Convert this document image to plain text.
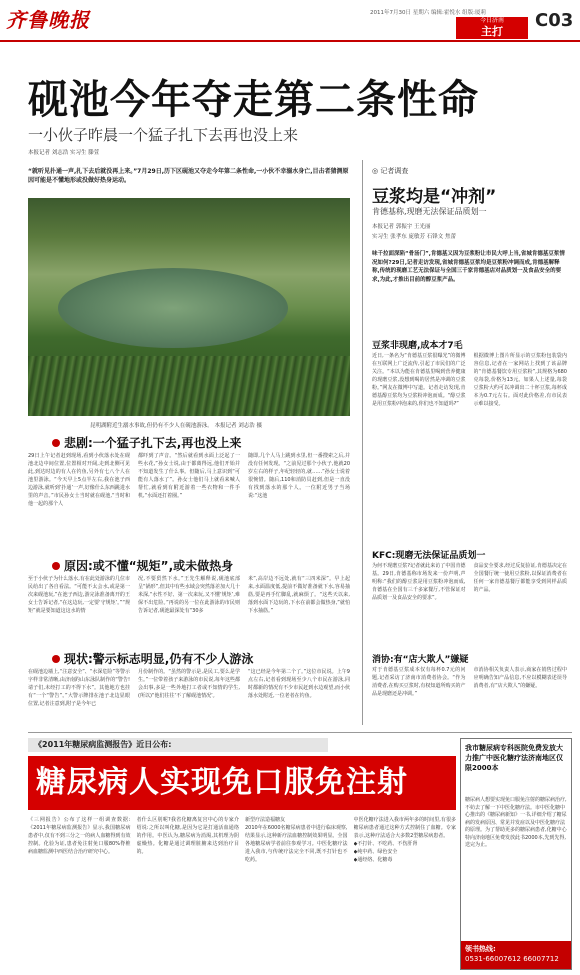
齐鲁晚报	2011年7月30日 星期六 编辑:霍悦水 组版:厦莉
今日济南
主打
C03
砚池今年夺走第二条性命
一小伙子昨晨一个猛子扎下去再也没上来
本报记者 刘志浩 实习生 滕萱
“就听见扑通一声,扎下去后就没再上来。”7月29日,历下区砚池又夺走今年第二条性命,一小伙不幸溺水身亡,目击者猜测原因可能是不懂地形或没做好热身运动。
昆明湖附近生溺水事故,但仍有不少人在砚池游泳。 本报记者 刘志浩 摄
悲剧:一个猛子扎下去,再也没上来
29日上午记者赶到现场,看到小伙落水处在砚池北边中间位置,位置相对开阔,走到北侧可见此,到达时边的有人在钓鱼,另外有七八个人在池里游泳。“今天早上5点半左右,我在池子西边游泳,就听到‘扑通’一声,好像什么东西跳进水里的声音。”市民孙女士当时就在砚池,“当时和他一起的那个人
都吓到了声音。“然后就看到水面上泛起了一些水花,”孙女士说,由于都离得远,他们开始并不知道发生了什么事。但随后,马上意识到“可能有人落水了”。孙女士他们马上就看来喊人帮忙,就看到有附近游着一些衣物和一件手机,“水面还打着圈。”
随即,几个人马上跳到水里,但一番搜索之后,并没有任何发现。“之前见过那个小伙子,他就20岁左右的样子,年纪轻轻的,就……”孙女士说着很惋惜。随后,110和消防员赶到,但是一直没有找到落水的那个人。一位附近男子当场说:“这池
原因:或不懂“规矩”,或未做热身
至于小伙子为什么落水,有在此处游泳的几位市民给出了各自看法。“可能不太会水,或是第一次来砚池玩,”在池子西边,游完泳准备离开的王女士告诉记者,“在这边玩,一定要‘守规矩’。”“规矩”就是要知道这这水的情
况,不要贸然下水。”王先生解释说,砚池底部呈“锅形”,但其中有些水域会突然落差加大几十米深,“水性不好、第一次来玩,又不懂‘规矩’,难保不出危险。”再说的另一位在此游泳的市民则告诉记者,砚池最深处有“30多
米”,高岸边不远处,就有“三四米深”。早上起来,水面温度低,提前不做好准备就下水,容易抽筋,要是再手忙脚乱,就麻烦了。“这些天以来,落到水面下边玩的,下水在前都会做热身,”就怕下水抽筋。”
现状:警示标志明显,仍有不少人游泳
在砚池边墙上,“注意安全”、“水深危险”等警示字样非常清晰,由济南趵山东泳队制作的“警告!请子们,未经打工的不得下水”。其他地方也挂有“一个“警告”。”大警示牌排在池子北边显眼位置,记者注意到,附子是今年已
月份制作的。“虽然的警示是,是民工,要么是学生。”一位带着孩子来游泳的市民说,每年这些都会出事,多是一些外地打工者或不知情的学生,(所以)“他们往往‘不了解砚池情况’。
“这已经是今年第二个了。”这位市民说。上午9点左右,记者看到现场至少八个市民在游泳,同时都新的情况有不少市民赶到水边观望,而小伙落水处附近,一位老者在钓鱼。
◎ 记者调查
豆浆均是“冲剂”
肯德基称,现磨无法保证品质划一
本报记者 郭振宇 王光丽
实习生 张孝东 庞敏芳 石锋文 焦蕾
味千拉面深陷“骨汤门”,肯德基又因为豆浆粉让市民大呼上当,省城肯德基豆浆情况如何?29日,记者走访发现,省城肯德基豆浆均是豆浆粉冲调而成,肯德基解释称,传统的现磨工艺无法保证与全国三千家肯德基店对品质划一及食品安全的要求,为此,才推出目前的醇豆浆产品。
豆浆非现磨,成本才7毛
近日,一条名为“肯德基豆浆很曝光”的微博在互联网上广泛流传,引起了市民们的广泛关注。“本以为能在肯德基里喝到营养健康的现磨豆浆,没想到喝的居然是冲调的豆浆粉。”网友在微博中写道。记者走访发现,肯德基醇豆浆均为豆浆粉冲泡而成。“醇豆浆是用豆浆粉冲泡来的,你们也不知道吗?”
根据微博上图片所显示的豆浆粉包装袋内容信息,记者在一家网站上找到了该品牌的“肯德基餐饮专用豆浆粉”,其规格为680克每袋,价格为13元。如果人上述量,每袋豆浆粉大约可以冲调出二十杯豆浆,每杯成本为0.7元左右。面对此价格差,有市民表示难以接受。
KFC:现磨无法保证品质划一
为何不现磨豆浆?记者就此来访了中国肯德基。29日,肯德基称市场发来一份声明,声明称:“我们的醇豆浆是用豆浆粉冲泡而成,肯德基在全国有三千多家餐厅,不管保证对品质划一及食品安全的要求”。
食品安全要求,经过反复验证,肯德基决定在全国餐厅统一使用豆浆粉,以保证消费者在任何一家肯德基餐厅都能享受到同样品质的产品。
消协:有“店大欺人”嫌疑
对于肯德基豆浆成本仅有每杯0.7元的问题,记者采访了济南市消费者协会。“作为消费者,在购买豆浆时,有权知道所购买的产品是现磨还是冲调。”
市消协相关负责人表示,商家在销售过程中应明确告知产品信息,不应以模糊表述误导消费者,有“店大欺人”的嫌疑。
《2011年糖尿病监测报告》近日公布:
糖尿病人实现免口服免注射
《三网报告》公布了这样一组调查数据:《2011年糖尿病监测报告》显示,我国糖尿病患者中,仅有不到三分之一的病人血糖得到有效控制。化验为证,患者免注射免口服80%脊椎病血糖监测中西医结合治疗研究中心。
者什么区别呢?我省化糖离复宫中心的专家介绍说:之所以叫化糖,是因为它是打通活血通络的作用。中医认为,糖尿病为消渴,其机理为阴虚燥热。化糖是通过调理脏腑来达到治疗目的。
新型疗法造福糖友
2010年在6000名糖尿病患者中进行临床观察,结果显示,这种新疗法血糖控制效果明显。全国各地糖尿病学者前往参观学习。中医化糖疗法进入我市,与传统疗法完全不同,既不打针也不吃药。
中医化糖疗法进入我市两年多的时间里,有很多糖尿病患者通过这种方式控制住了血糖。专家表示,这种疗法适合大多数2型糖尿病患者。
◆不打针、不吃药、不伤肝肾
◆纯中药、绿色安全
◆通经络、化糖毒
我市糖尿病专科医院免费发放大力推广中医化糖疗法济南地区仅限2000本
糖尿病人想要实现免口服免注射的糖尿病治疗,不妨去了解一下中医化糖疗法。市中医化糖中心推出的《糖尿病新知》一书,详细介绍了糖尿病的发病原因、常见并发症以及中医化糖疗法的原理。为了帮助更多的糖尿病患者,化糖中心特向济南地区免费发放此书2000本,先到先得,送完为止。
领书热线:
0531-66007612 66007712
